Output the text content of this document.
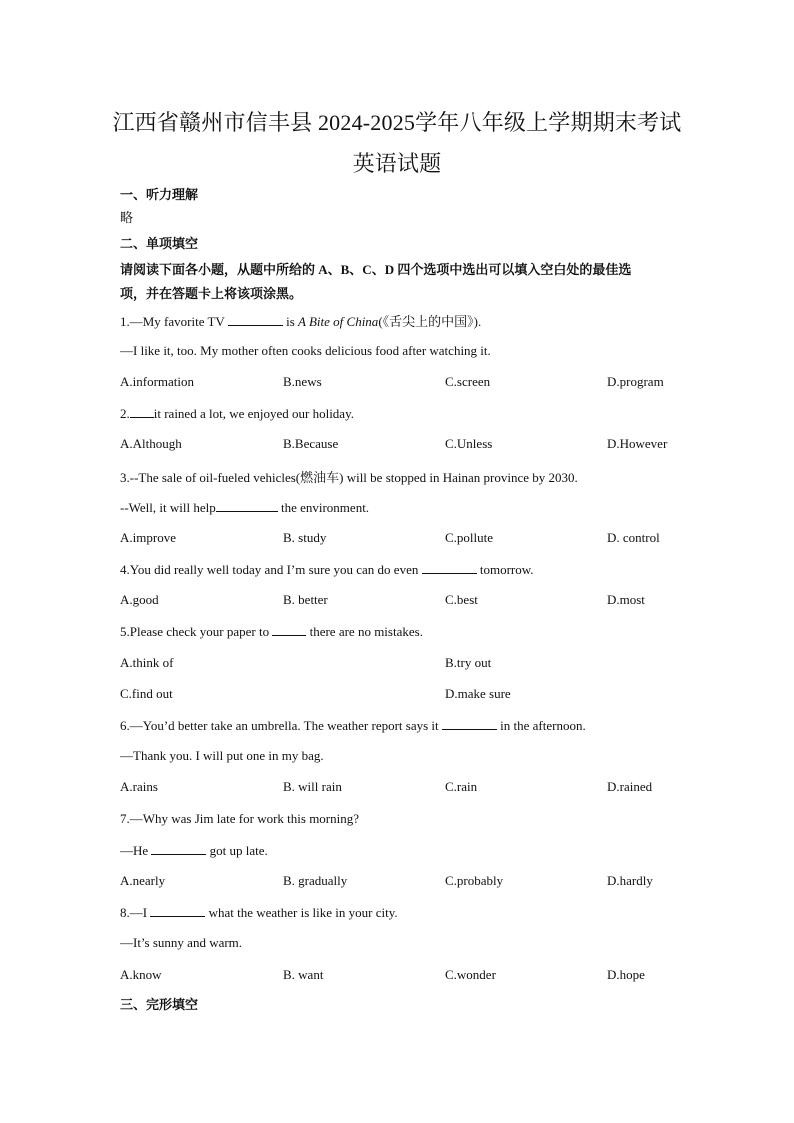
江西省赣州市信丰县 2024-2025学年八年级上学期期末考试
英语试题
一、听力理解
略
二、单项填空
请阅读下面各小题，从题中所给的 A、B、C、D 四个选项中选出可以填入空白处的最佳选
项，并在答题卡上将该项涂黑。
1.—My favorite TV	is A Bite of China(《舌尖上的中国》).
—I like it, too. My mother often cooks delicious food after watching it.
A.information	B.news	C.screen	D.program
2. it rained a lot, we enjoyed our holiday.
A.Although	B.Because	C.Unless	D.However
3.--The sale of oil-fueled vehicles(燃油车) will be stopped in Hainan province by 2030.
--Well, it will help	the environment.
A.improve	B. study	C.pollute	D. control
4.You did really well today and I’m sure you can do even	tomorrow.
A.good	B. better	C.best	D.most
5.Please check your paper to	there are no mistakes.
A.think of	B.try out
C.find out	D.make sure
6.—You’d better take an umbrella. The weather report says it	in the afternoon.
—Thank you. I will put one in my bag.
A.rains	B. will rain	C.rain	D.rained
7.—Why was Jim late for work this morning?
—He	got up late.
A.nearly	B. gradually	C.probably	D.hardly
8.—I	what the weather is like in your city.
—It’s sunny and warm.
A.know	B. want	C.wonder	D.hope
三、完形填空
